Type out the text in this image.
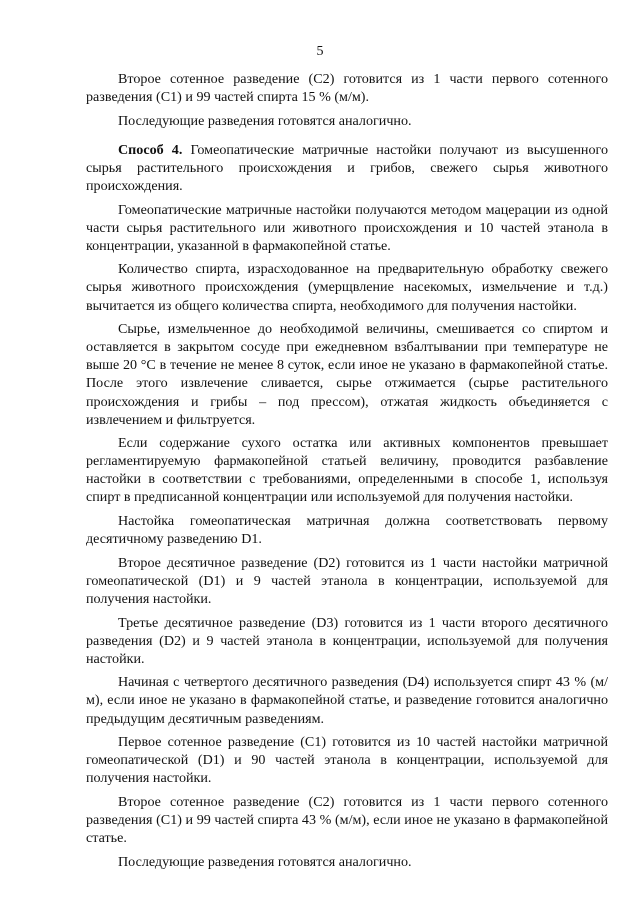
5

Второе сотенное разведение (С2) готовится из 1 части первого сотенного разведения (С1) и 99 частей спирта 15 % (м/м).

Последующие разведения готовятся аналогично.

Способ 4. Гомеопатические матричные настойки получают из высушенного сырья растительного происхождения и грибов, свежего сырья животного происхождения.

Гомеопатические матричные настойки получаются методом мацерации из одной части сырья растительного или животного происхождения и 10 частей этанола в концентрации, указанной в фармакопейной статье.

Количество спирта, израсходованное на предварительную обработку свежего сырья животного происхождения (умерщвление насекомых, измельчение и т.д.) вычитается из общего количества спирта, необходимого для получения настойки.

Сырье, измельченное до необходимой величины, смешивается со спиртом и оставляется в закрытом сосуде при ежедневном взбалтывании при температуре не выше 20 °С в течение не менее 8 суток, если иное не указано в фармакопейной статье. После этого извлечение сливается, сырье отжимается (сырье растительного происхождения и грибы – под прессом), отжатая жидкость объединяется с извлечением и фильтруется.

Если содержание сухого остатка или активных компонентов превышает регламентируемую фармакопейной статьей величину, проводится разбавление настойки в соответствии с требованиями, определенными в способе 1, используя спирт в предписанной концентрации или используемой для получения настойки.

Настойка гомеопатическая матричная должна соответствовать первому десятичному разведению D1.

Второе десятичное разведение (D2) готовится из 1 части настойки матричной гомеопатической (D1) и 9 частей этанола в концентрации, используемой для получения настойки.

Третье десятичное разведение (D3) готовится из 1 части второго десятичного разведения (D2) и 9 частей этанола в концентрации, используемой для получения настойки.

Начиная с четвертого десятичного разведения (D4) используется спирт 43 % (м/м), если иное не указано в фармакопейной статье, и разведение готовится аналогично предыдущим десятичным разведениям.

Первое сотенное разведение (С1) готовится из 10 частей настойки матричной гомеопатической (D1) и 90 частей этанола в концентрации, используемой для получения настойки.

Второе сотенное разведение (С2) готовится из 1 части первого сотенного разведения (С1) и 99 частей спирта 43 % (м/м), если иное не указано в фармакопейной статье.

Последующие разведения готовятся аналогично.
